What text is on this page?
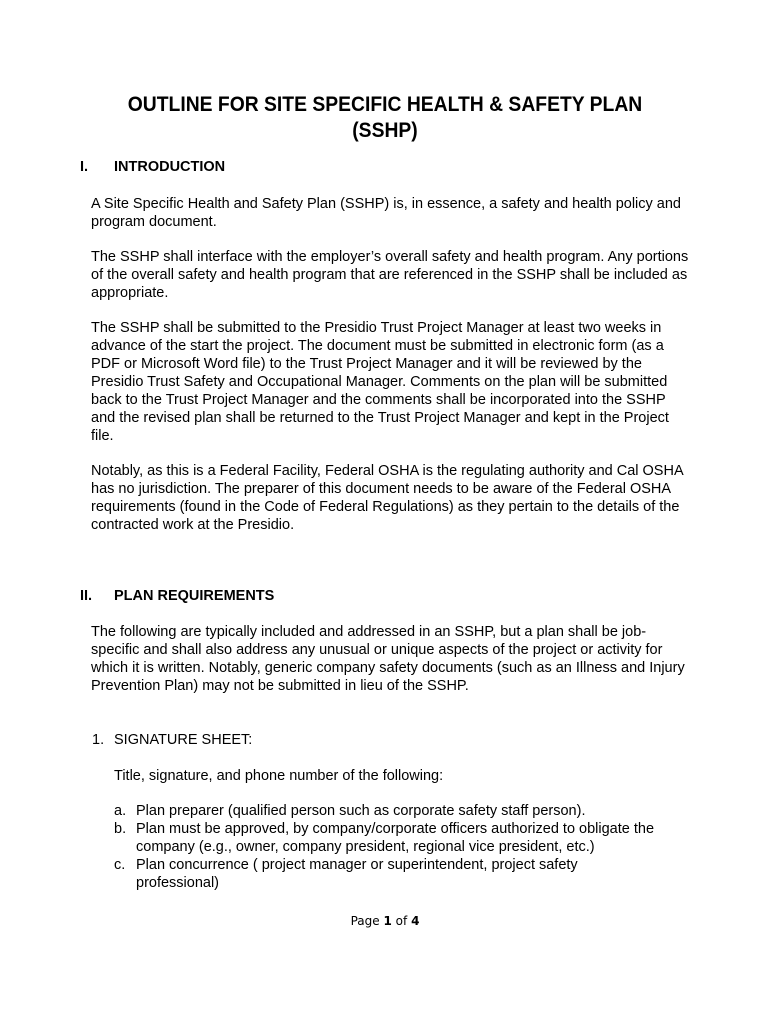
OUTLINE FOR SITE SPECIFIC HEALTH & SAFETY PLAN
(SSHP)
I. INTRODUCTION

A Site Specific Health and Safety Plan (SSHP) is, in essence, a safety and health policy and program document.

The SSHP shall interface with the employer’s overall safety and health program. Any portions of the overall safety and health program that are referenced in the SSHP shall be included as appropriate.

The SSHP shall be submitted to the Presidio Trust Project Manager at least two weeks in advance of the start the project. The document must be submitted in electronic form (as a PDF or Microsoft Word file) to the Trust Project Manager and it will be reviewed by the Presidio Trust Safety and Occupational Manager. Comments on the plan will be submitted back to the Trust Project Manager and the comments shall be incorporated into the SSHP and the revised plan shall be returned to the Trust Project Manager and kept in the Project file.

Notably, as this is a Federal Facility, Federal OSHA is the regulating authority and Cal OSHA has no jurisdiction. The preparer of this document needs to be aware of the Federal OSHA requirements (found in the Code of Federal Regulations) as they pertain to the details of the contracted work at the Presidio.

II. PLAN REQUIREMENTS

The following are typically included and addressed in an SSHP, but a plan shall be job-specific and shall also address any unusual or unique aspects of the project or activity for which it is written. Notably, generic company safety documents (such as an Illness and Injury Prevention Plan) may not be submitted in lieu of the SSHP.

1. SIGNATURE SHEET:

Title, signature, and phone number of the following:

a. Plan preparer (qualified person such as corporate safety staff person).
b. Plan must be approved, by company/corporate officers authorized to obligate the company (e.g., owner, company president, regional vice president, etc.)
c. Plan concurrence ( project manager or superintendent, project safety professional)
Page 1 of 4
